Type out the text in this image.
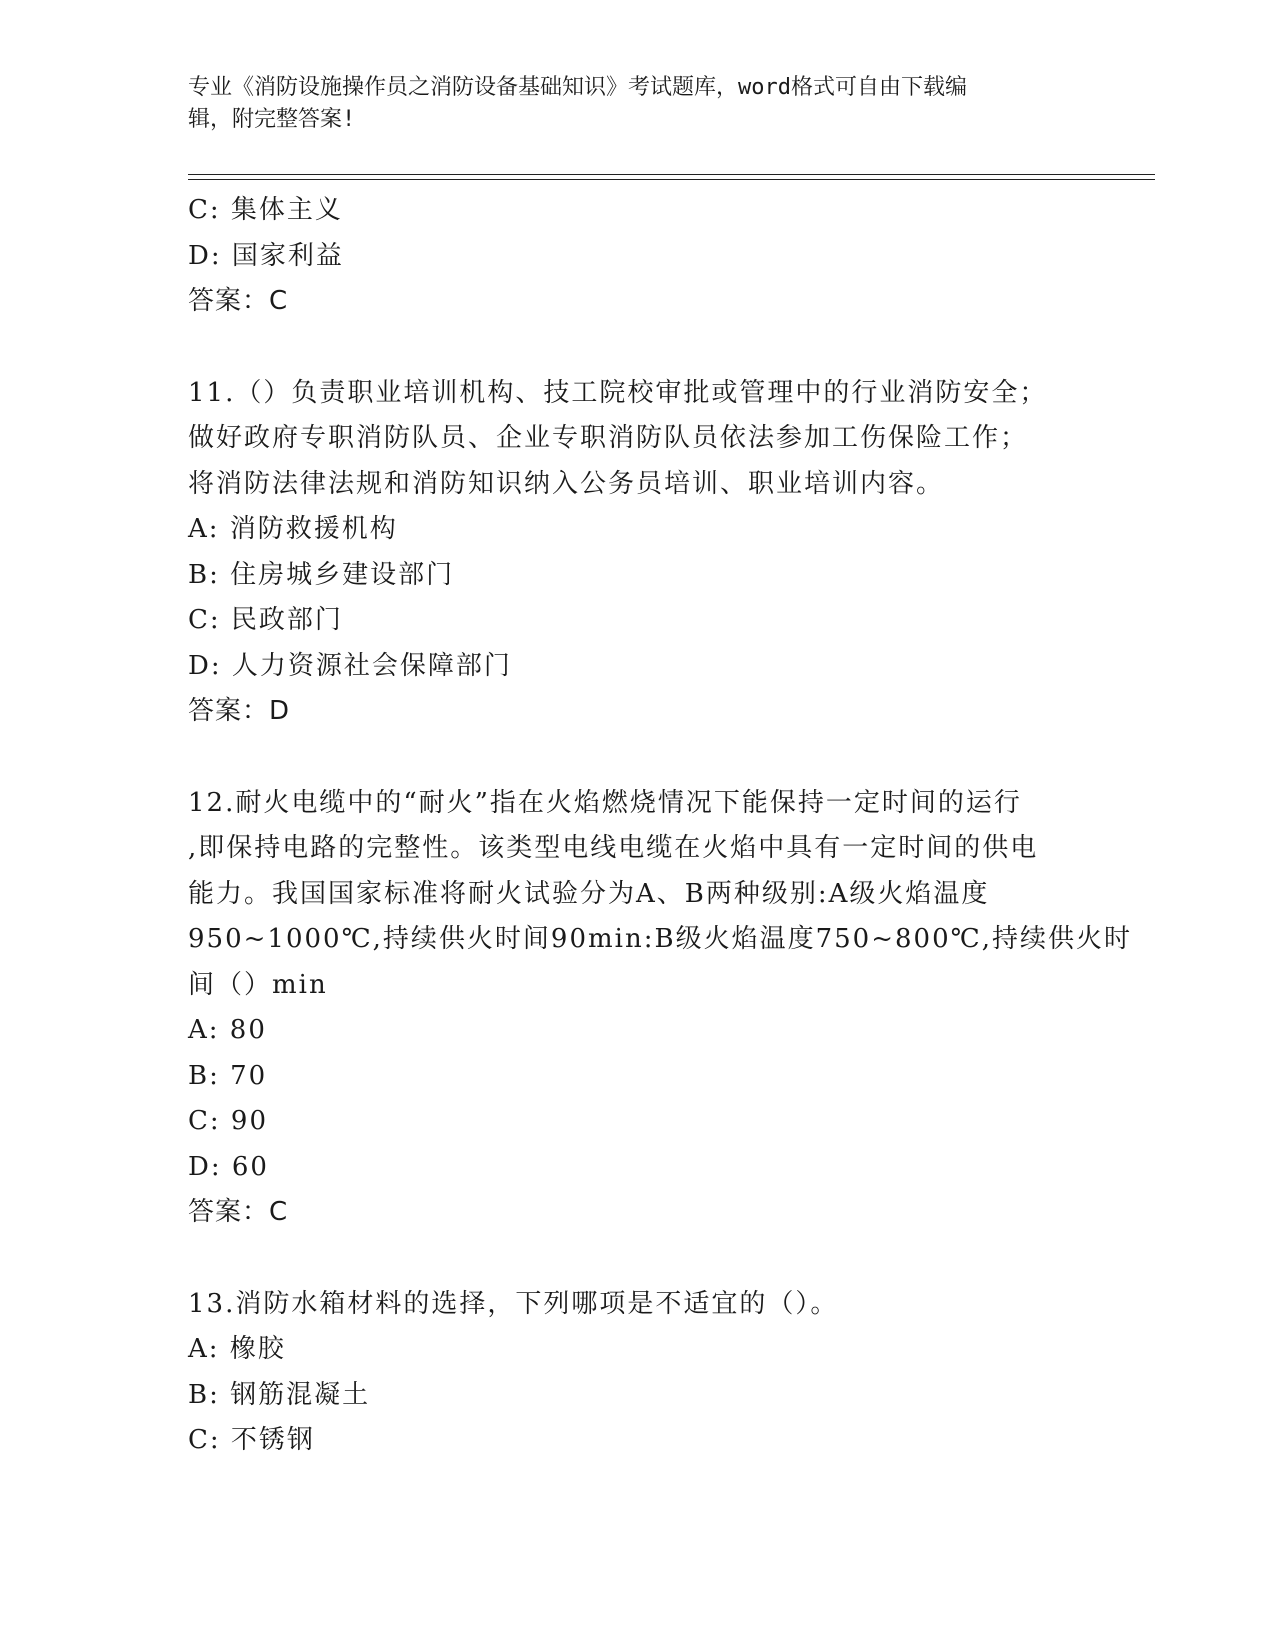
专业《消防设施操作员之消防设备基础知识》考试题库，word格式可自由下载编
辑，附完整答案!
C: 集体主义
D: 国家利益
答案：C
11.（）负责职业培训机构、技工院校审批或管理中的行业消防安全；
做好政府专职消防队员、企业专职消防队员依法参加工伤保险工作；
将消防法律法规和消防知识纳入公务员培训、职业培训内容。
A: 消防救援机构
B: 住房城乡建设部门
C: 民政部门
D: 人力资源社会保障部门
答案：D
12.耐火电缆中的“耐火”指在火焰燃烧情况下能保持一定时间的运行
,即保持电路的完整性。该类型电线电缆在火焰中具有一定时间的供电
能力。我国国家标准将耐火试验分为A、B两种级别:A级火焰温度
950~1000℃,持续供火时间90min:B级火焰温度750~800℃,持续供火时
间（）min
A: 80
B: 70
C: 90
D: 60
答案：C
13.消防水箱材料的选择，下列哪项是不适宜的（）。
A: 橡胶
B: 钢筋混凝土
C: 不锈钢
